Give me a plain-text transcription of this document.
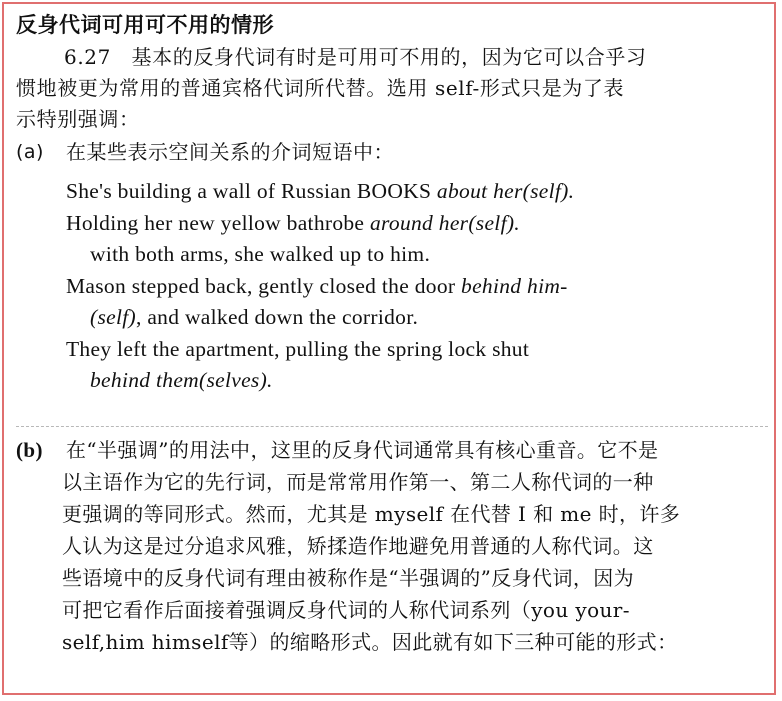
反身代词可用可不用的情形
6.27　基本的反身代词有时是可用可不用的，因为它可以合乎习
惯地被更为常用的普通宾格代词所代替。选用 self-形式只是为了表
示特别强调：
(a) 在某些表示空间关系的介词短语中：
She's building a wall of Russian BOOKS about her(self).
Holding her new yellow bathrobe around her(self).
with both arms, she walked up to him.
Mason stepped back, gently closed the door behind him-
(self), and walked down the corridor.
They left the apartment, pulling the spring lock shut
behind them(selves).
(b) 在“半强调”的用法中，这里的反身代词通常具有核心重音。它不是
以主语作为它的先行词，而是常常用作第一、第二人称代词的一种
更强调的等同形式。然而，尤其是 myself 在代替 I 和 me 时，许多
人认为这是过分追求风雅，矫揉造作地避免用普通的人称代词。这
些语境中的反身代词有理由被称作是“半强调的”反身代词，因为
可把它看作后面接着强调反身代词的人称代词系列（you your-
self,him himself等）的缩略形式。因此就有如下三种可能的形式：
